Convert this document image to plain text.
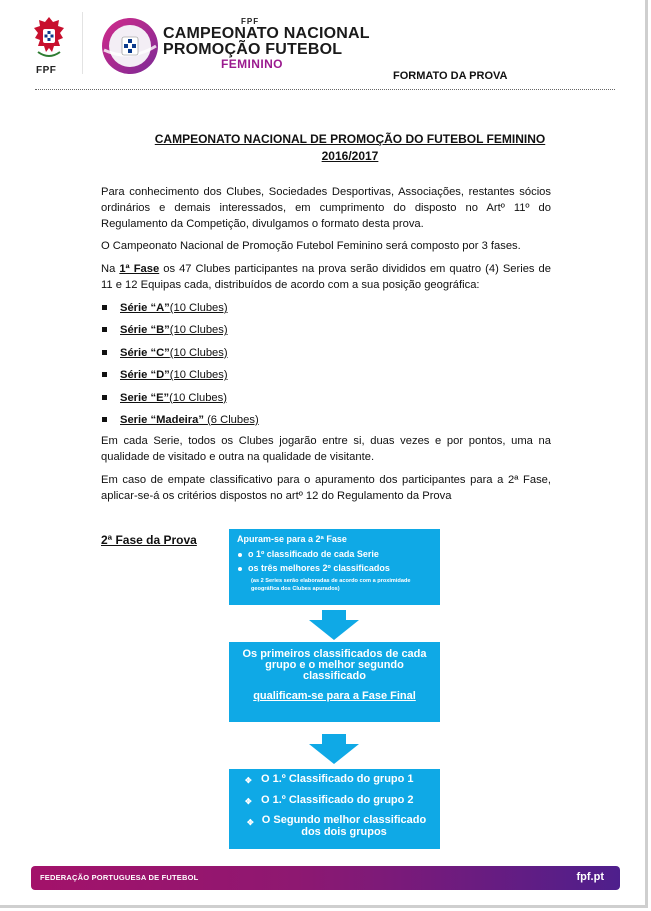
FPF
FPF
CAMPEONATO NACIONAL
PROMOÇÃO FUTEBOL
FEMININO
FORMATO DA PROVA
CAMPEONATO NACIONAL DE PROMOÇÃO DO FUTEBOL FEMININO
2016/2017
Para conhecimento dos Clubes, Sociedades Desportivas, Associações, restantes sócios ordinários e demais interessados, em cumprimento do disposto no Artº 11º do Regulamento da Competição, divulgamos o formato desta prova.
O Campeonato Nacional de Promoção Futebol Feminino será composto por 3 fases.
Na 1ª Fase os 47 Clubes participantes na prova serão divididos em quatro (4) Series de 11 e 12 Equipas cada, distribuídos de acordo com a sua posição geográfica:
Série “A”(10 Clubes)
Série “B”(10 Clubes)
Série “C”(10 Clubes)
Série “D”(10 Clubes)
Serie “E”(10 Clubes)
Serie “Madeira” (6 Clubes)
Em cada Serie, todos os Clubes jogarão entre si, duas vezes e por pontos, uma na qualidade de visitado e outra na qualidade de visitante.
Em caso de empate classificativo para o apuramento dos participantes para a 2ª Fase, aplicar-se-á os critérios dispostos no artº 12 do Regulamento da Prova
2ª Fase da Prova	Apuram-se para a 2ª Fase
o 1º classificado de cada Serie
os três melhores 2º classificados
(as 2 Series serão elaboradas de acordo com a proximidade geográfica dos Clubes apurados)
Os primeiros classificados de cada grupo e o melhor segundo classificado
qualificam-se para a Fase Final
✥ O 1.º Classificado do grupo 1
✥ O 1.º Classificado do grupo 2
✥ O Segundo melhor classificado dos dois grupos
FEDERAÇÃO PORTUGUESA DE FUTEBOL	fpf.pt
